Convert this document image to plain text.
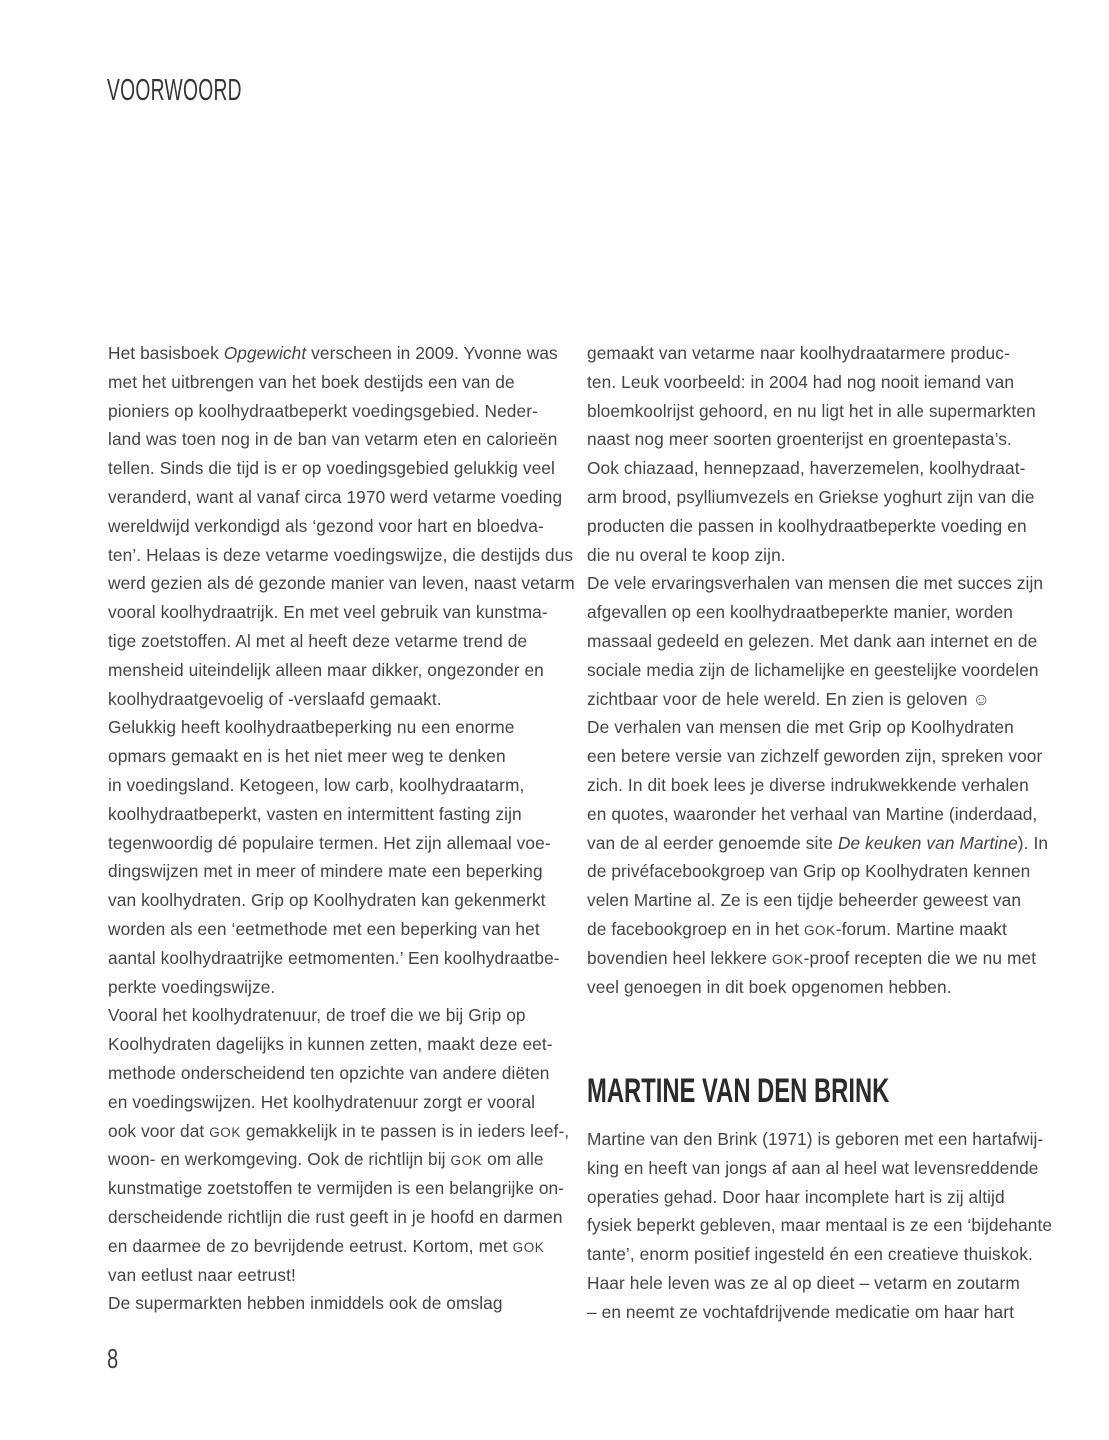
VOORWOORD
Het basisboek Opgewicht verscheen in 2009. Yvonne was
met het uitbrengen van het boek destijds een van de
pioniers op koolhydraatbeperkt voedingsgebied. Neder-
land was toen nog in de ban van vetarm eten en calorieën
tellen. Sinds die tijd is er op voedingsgebied gelukkig veel
veranderd, want al vanaf circa 1970 werd vetarme voeding
wereldwijd verkondigd als ‘gezond voor hart en bloedva-
ten’. Helaas is deze vetarme voedingswijze, die destijds dus
werd gezien als dé gezonde manier van leven, naast vetarm
vooral koolhydraatrijk. En met veel gebruik van kunstma-
tige zoetstoffen. Al met al heeft deze vetarme trend de
mensheid uiteindelijk alleen maar dikker, ongezonder en
koolhydraatgevoelig of -verslaafd gemaakt.
Gelukkig heeft koolhydraatbeperking nu een enorme
opmars gemaakt en is het niet meer weg te denken
in voedingsland. Ketogeen, low carb, koolhydraatarm,
koolhydraatbeperkt, vasten en intermittent fasting zijn
tegenwoordig dé populaire termen. Het zijn allemaal voe-
dingswijzen met in meer of mindere mate een beperking
van koolhydraten. Grip op Koolhydraten kan gekenmerkt
worden als een ‘eetmethode met een beperking van het
aantal koolhydraatrijke eetmomenten.’ Een koolhydraatbe-
perkte voedingswijze.
Vooral het koolhydratenuur, de troef die we bij Grip op
Koolhydraten dagelijks in kunnen zetten, maakt deze eet-
methode onderscheidend ten opzichte van andere diëten
en voedingswijzen. Het koolhydratenuur zorgt er vooral
ook voor dat GOK gemakkelijk in te passen is in ieders leef-,
woon- en werkomgeving. Ook de richtlijn bij GOK om alle
kunstmatige zoetstoffen te vermijden is een belangrijke on-
derscheidende richtlijn die rust geeft in je hoofd en darmen
en daarmee de zo bevrijdende eetrust. Kortom, met GOK
van eetlust naar eetrust!
De supermarkten hebben inmiddels ook de omslag
gemaakt van vetarme naar koolhydraatarmere produc-
ten. Leuk voorbeeld: in 2004 had nog nooit iemand van
bloemkoolrijst gehoord, en nu ligt het in alle supermarkten
naast nog meer soorten groenterijst en groentepasta’s.
Ook chiazaad, hennepzaad, haverzemelen, koolhydraat-
arm brood, psylliumvezels en Griekse yoghurt zijn van die
producten die passen in koolhydraatbeperkte voeding en
die nu overal te koop zijn.
De vele ervaringsverhalen van mensen die met succes zijn
afgevallen op een koolhydraatbeperkte manier, worden
massaal gedeeld en gelezen. Met dank aan internet en de
sociale media zijn de lichamelijke en geestelijke voordelen
zichtbaar voor de hele wereld. En zien is geloven ☺
De verhalen van mensen die met Grip op Koolhydraten
een betere versie van zichzelf geworden zijn, spreken voor
zich. In dit boek lees je diverse indrukwekkende verhalen
en quotes, waaronder het verhaal van Martine (inderdaad,
van de al eerder genoemde site De keuken van Martine). In
de privéfacebookgroep van Grip op Koolhydraten kennen
velen Martine al. Ze is een tijdje beheerder geweest van
de facebookgroep en in het GOK-forum. Martine maakt
bovendien heel lekkere GOK-proof recepten die we nu met
veel genoegen in dit boek opgenomen hebben.
MARTINE VAN DEN BRINK
Martine van den Brink (1971) is geboren met een hartafwij-
king en heeft van jongs af aan al heel wat levensreddende
operaties gehad. Door haar incomplete hart is zij altijd
fysiek beperkt gebleven, maar mentaal is ze een ‘bijdehante
tante’, enorm positief ingesteld én een creatieve thuiskok.
Haar hele leven was ze al op dieet – vetarm en zoutarm
– en neemt ze vochtafdrijvende medicatie om haar hart
8
